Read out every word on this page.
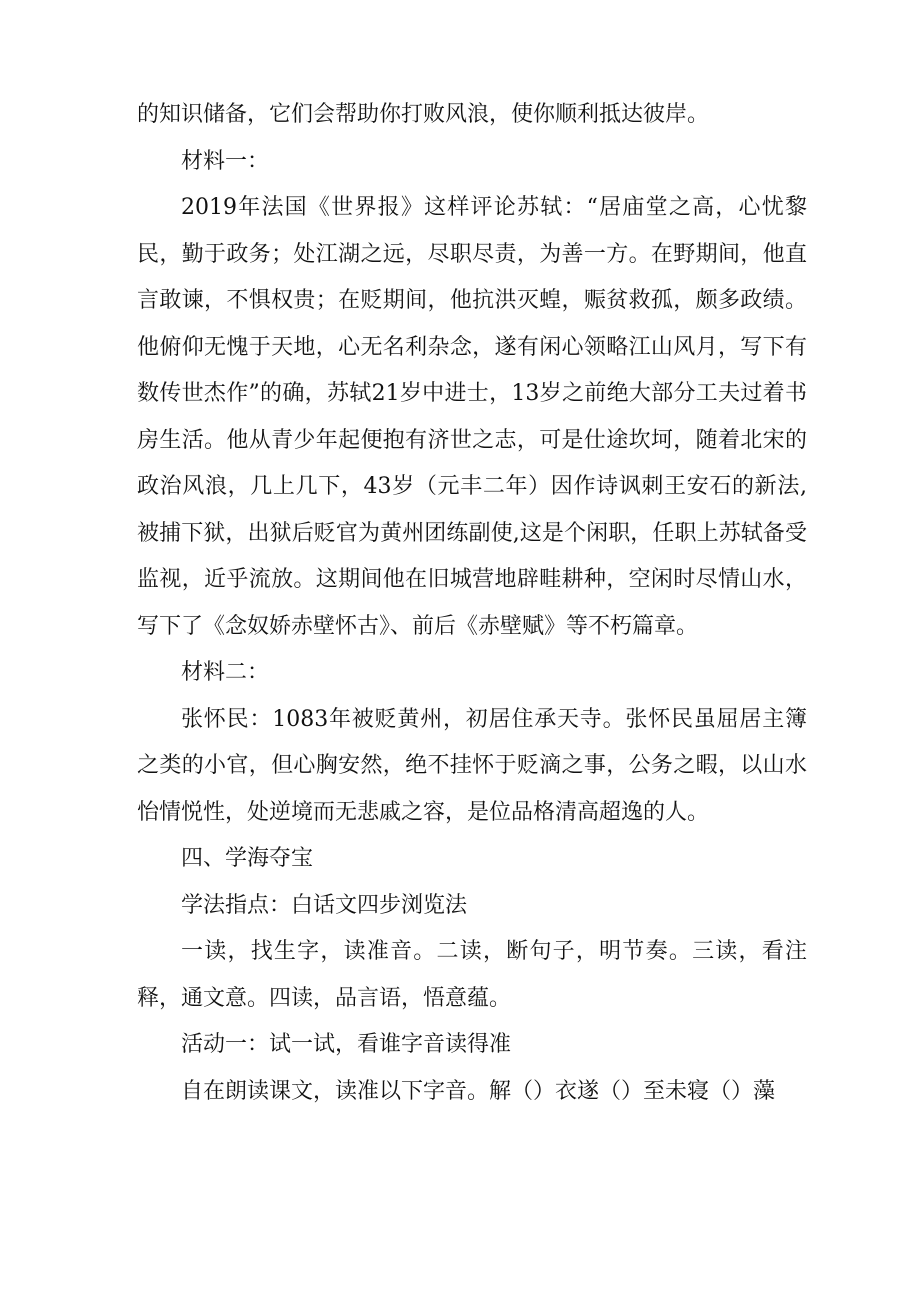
的知识储备，它们会帮助你打败风浪，使你顺利抵达彼岸。

材料一：

2019年法国《世界报》这样评论苏轼：“居庙堂之高，心忧黎民，勤于政务；处江湖之远，尽职尽责，为善一方。在野期间，他直言敢谏，不惧权贵；在贬期间，他抗洪灭蝗，赈贫救孤，颇多政绩。他俯仰无愧于天地，心无名利杂念，遂有闲心领略江山风月，写下有数传世杰作”的确，苏轼21岁中进士，13岁之前绝大部分工夫过着书房生活。他从青少年起便抱有济世之志，可是仕途坎坷，随着北宋的政治风浪，几上几下，43岁（元丰二年）因作诗讽刺王安石的新法,被捕下狱，出狱后贬官为黄州团练副使,这是个闲职，任职上苏轼备受监视，近乎流放。这期间他在旧城营地辟畦耕种，空闲时尽情山水，写下了《念奴娇赤壁怀古》、前后《赤壁赋》等不朽篇章。

材料二：

张怀民：1083年被贬黄州，初居住承天寺。张怀民虽屈居主簿之类的小官，但心胸安然，绝不挂怀于贬滴之事，公务之暇，以山水怡情悦性，处逆境而无悲戚之容，是位品格清高超逸的人。

四、学海夺宝

学法指点：白话文四步浏览法

一读，找生字，读准音。二读，断句子，明节奏。三读，看注释，通文意。四读，品言语，悟意蕴。

活动一：试一试，看谁字音读得准

自在朗读课文，读准以下字音。解（）衣遂（）至未寝（）藻
